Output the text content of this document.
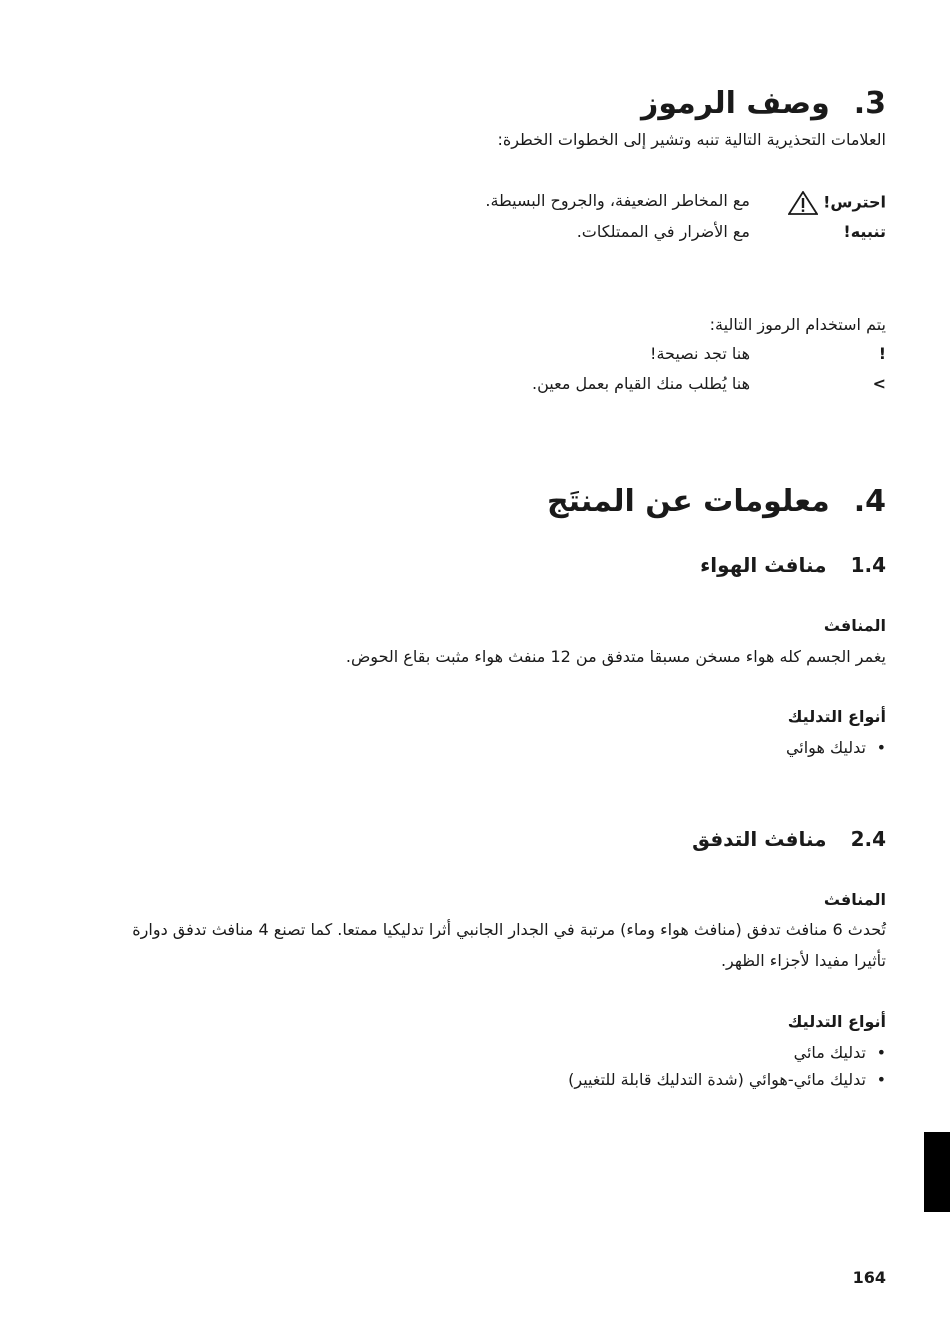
3.وصف الرموز

العلامات التحذيرية التالية تنبه وتشير إلى الخطوات الخطرة:

احترس!
مع المخاطر الضعيفة، والجروح البسيطة.
تنبيه!
مع الأضرار في الممتلكات.

يتم استخدام الرموز التالية:

!
هنا تجد نصيحة!
>
هنا يُطلب منك القيام بعمل معين.
4.معلومات عن المنتَج
1.4منافث الهواء
المنافث
يغمر الجسم كله هواء مسخن مسبقا متدفق من 12 منفث هواء مثبت بقاع الحوض.
أنواع التدليك
• تدليك هوائي
2.4منافث التدفق
المنافث
تُحدث 6 منافث تدفق (منافث هواء وماء) مرتبة في الجدار الجانبي أثرا تدليكيا ممتعا. كما تصنع 4 منافث تدفق دوارة
تأثيرا مفيدا لأجزاء الظهر.
أنواع التدليك
• تدليك مائي
• تدليك مائي-هوائي (شدة التدليك قابلة للتغيير)
164
